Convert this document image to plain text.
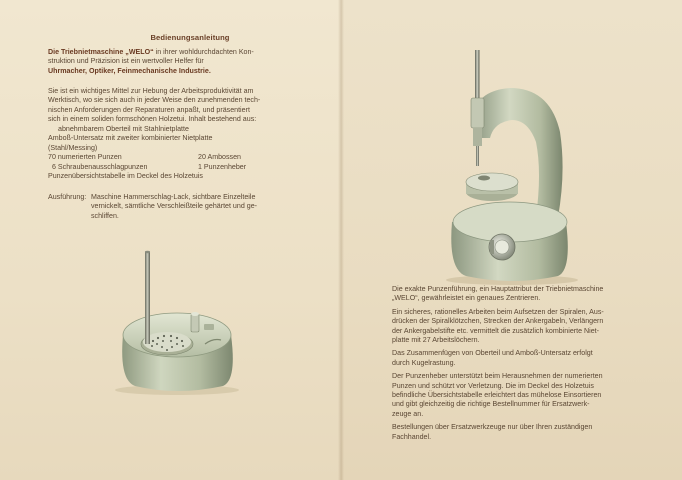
Bedienungsanleitung

Die Triebnietmaschine „WELO“ in ihrer wohldurchdachten Kon-

struktion und Präzision ist ein wertvoller Helfer für

Uhrmacher, Optiker, Feinmechanische Industrie.

Sie ist ein wichtiges Mittel zur Hebung der Arbeitsproduktivität am

Werktisch, wo sie sich auch in jeder Weise den zunehmenden tech-

nischen Anforderungen der Reparaturen anpaßt, und präsentiert

sich in einem soliden formschönen Holzetui. Inhalt bestehend aus:

abnehmbarem Oberteil mit Stahlnietplatte

Amboß-Untersatz mit zweiter kombinierter Nietplatte

(Stahl/Messing)

70 numerierten Punzen	20 Ambossen
6 Schraubenausschlagpunzen	1 Punzenheber

Punzenübersichtstabelle im Deckel des Holzetuis

Ausführung: Maschine Hammerschlag-Lack, sichtbare Einzelteile

vernickelt, sämtliche Verschleißteile gehärtet und ge-

schliffen.

Die exakte Punzenführung, ein Hauptattribut der Triebnietmaschine

„WELO“, gewährleistet ein genaues Zentrieren.

Ein sicheres, rationelles Arbeiten beim Aufsetzen der Spiralen, Aus-

drücken der Spiralklötzchen, Strecken der Ankergabeln, Verlängern

der Ankergabelstifte etc. vermittelt die zusätzlich kombinierte Niet-

platte mit 27 Arbeitslöchern.

Das Zusammenfügen von Oberteil und Amboß-Untersatz erfolgt

durch Kugelrastung.

Der Punzenheber unterstützt beim Herausnehmen der numerierten

Punzen und schützt vor Verletzung. Die im Deckel des Holzetuis

befindliche Übersichtstabelle erleichtert das mühelose Einsortieren

und gibt gleichzeitig die richtige Bestellnummer für Ersatzwerk-

zeuge an.

Bestellungen über Ersatzwerkzeuge nur über Ihren zuständigen

Fachhandel.
